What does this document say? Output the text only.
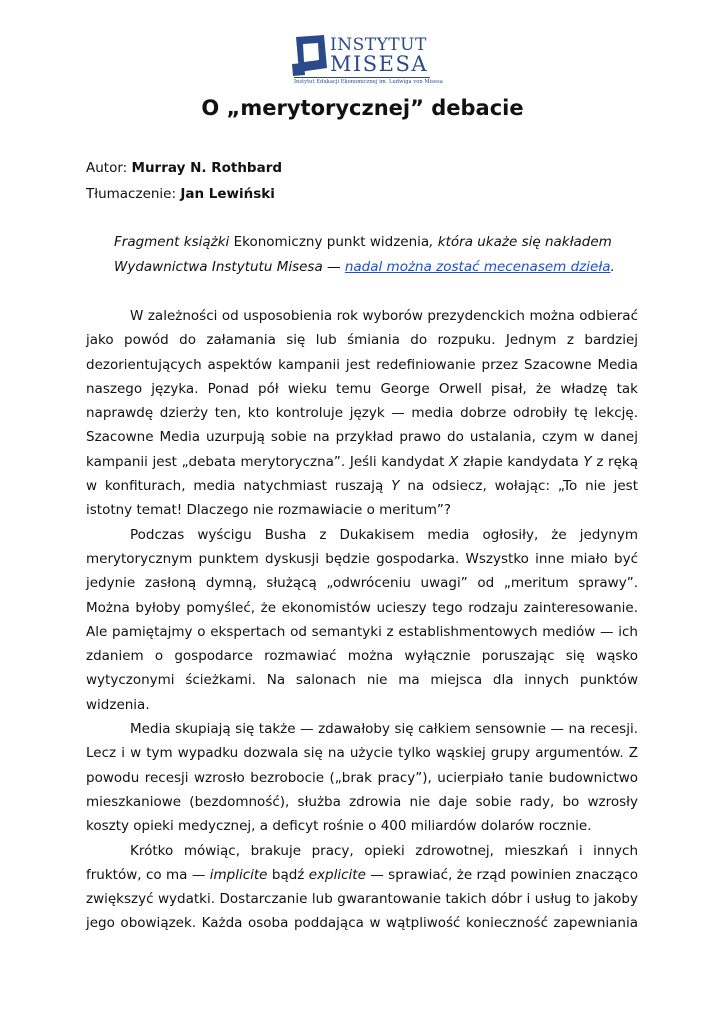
INSTYTUT
MISESA
Instytut Edukacji Ekonomicznej im. Ludwiga von Misesa
O „merytorycznej” debacie
Autor: Murray N. Rothbard
Tłumaczenie: Jan Lewiński
Fragment książki Ekonomiczny punkt widzenia, która ukaże się nakładem Wydawnictwa Instytutu Misesa — nadal można zostać mecenasem dzieła.

W zależności od usposobienia rok wyborów prezydenckich można odbierać jako powód do załamania się lub śmiania do rozpuku. Jednym z bardziej dezorientujących aspektów kampanii jest redefiniowanie przez Szacowne Media naszego języka. Ponad pół wieku temu George Orwell pisał, że władzę tak naprawdę dzierży ten, kto kontroluje język — media dobrze odrobiły tę lekcję. Szacowne Media uzurpują sobie na przykład prawo do ustalania, czym w danej kampanii jest „debata merytoryczna”. Jeśli kandydat X złapie kandydata Y z ręką w konfiturach, media natychmiast ruszają Y na odsiecz, wołając: „To nie jest istotny temat! Dlaczego nie rozmawiacie o meritum”?

Podczas wyścigu Busha z Dukakisem media ogłosiły, że jedynym merytorycznym punktem dyskusji będzie gospodarka. Wszystko inne miało być jedynie zasłoną dymną, służącą „odwróceniu uwagi” od „meritum sprawy”. Można byłoby pomyśleć, że ekonomistów ucieszy tego rodzaju zainteresowanie. Ale pamiętajmy o ekspertach od semantyki z establishmentowych mediów — ich zdaniem o gospodarce rozmawiać można wyłącznie poruszając się wąsko wytyczonymi ścieżkami. Na salonach nie ma miejsca dla innych punktów widzenia.

Media skupiają się także — zdawałoby się całkiem sensownie — na recesji. Lecz i w tym wypadku dozwala się na użycie tylko wąskiej grupy argumentów. Z powodu recesji wzrosło bezrobocie („brak pracy”), ucierpiało tanie budownictwo mieszkaniowe (bezdomność), służba zdrowia nie daje sobie rady, bo wzrosły koszty opieki medycznej, a deficyt rośnie o 400 miliardów dolarów rocznie.

Krótko mówiąc, brakuje pracy, opieki zdrowotnej, mieszkań i innych fruktów, co ma — implicite bądź explicite — sprawiać, że rząd powinien znacząco zwiększyć wydatki. Dostarczanie lub gwarantowanie takich dóbr i usług to jakoby jego obowiązek. Każda osoba poddająca w wątpliwość konieczność zapewniania
